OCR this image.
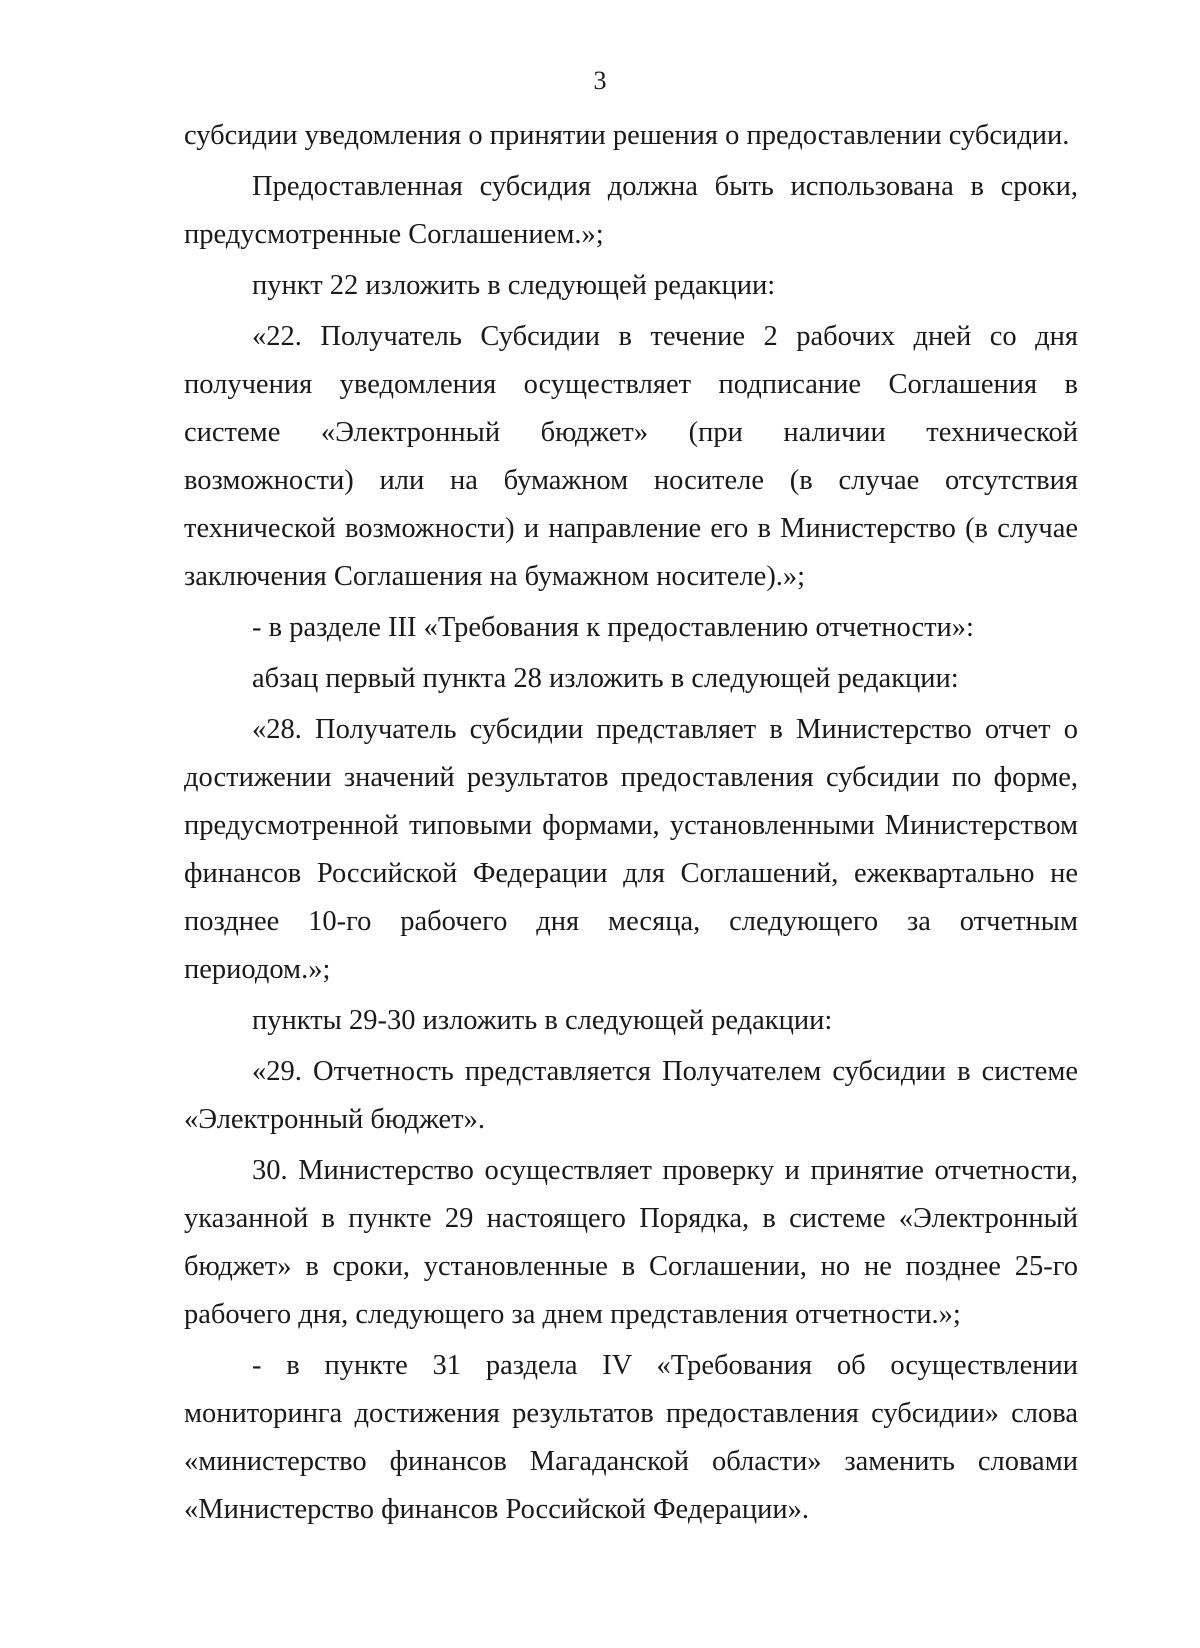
3

субсидии уведомления о принятии решения о предоставлении субсидии.

Предоставленная субсидия должна быть использована в сроки, предусмотренные Соглашением.»;

пункт 22 изложить в следующей редакции:

«22. Получатель Субсидии в течение 2 рабочих дней со дня получения уведомления осуществляет подписание Соглашения в системе «Электронный бюджет» (при наличии технической возможности) или на бумажном носителе (в случае отсутствия технической возможности) и направление его в Министерство (в случае заключения Соглашения на бумажном носителе).»;

- в разделе III «Требования к предоставлению отчетности»:

абзац первый пункта 28 изложить в следующей редакции:

«28. Получатель субсидии представляет в Министерство отчет о достижении значений результатов предоставления субсидии по форме, предусмотренной типовыми формами, установленными Министерством финансов Российской Федерации для Соглашений, ежеквартально не позднее 10-го рабочего дня месяца, следующего за отчетным периодом.»;

пункты 29-30 изложить в следующей редакции:

«29. Отчетность представляется Получателем субсидии в системе «Электронный бюджет».

30. Министерство осуществляет проверку и принятие отчетности, указанной в пункте 29 настоящего Порядка, в системе «Электронный бюджет» в сроки, установленные в Соглашении, но не позднее 25-го рабочего дня, следующего за днем представления отчетности.»;

- в пункте 31 раздела IV «Требования об осуществлении мониторинга достижения результатов предоставления субсидии» слова «министерство финансов Магаданской области» заменить словами «Министерство финансов Российской Федерации».
